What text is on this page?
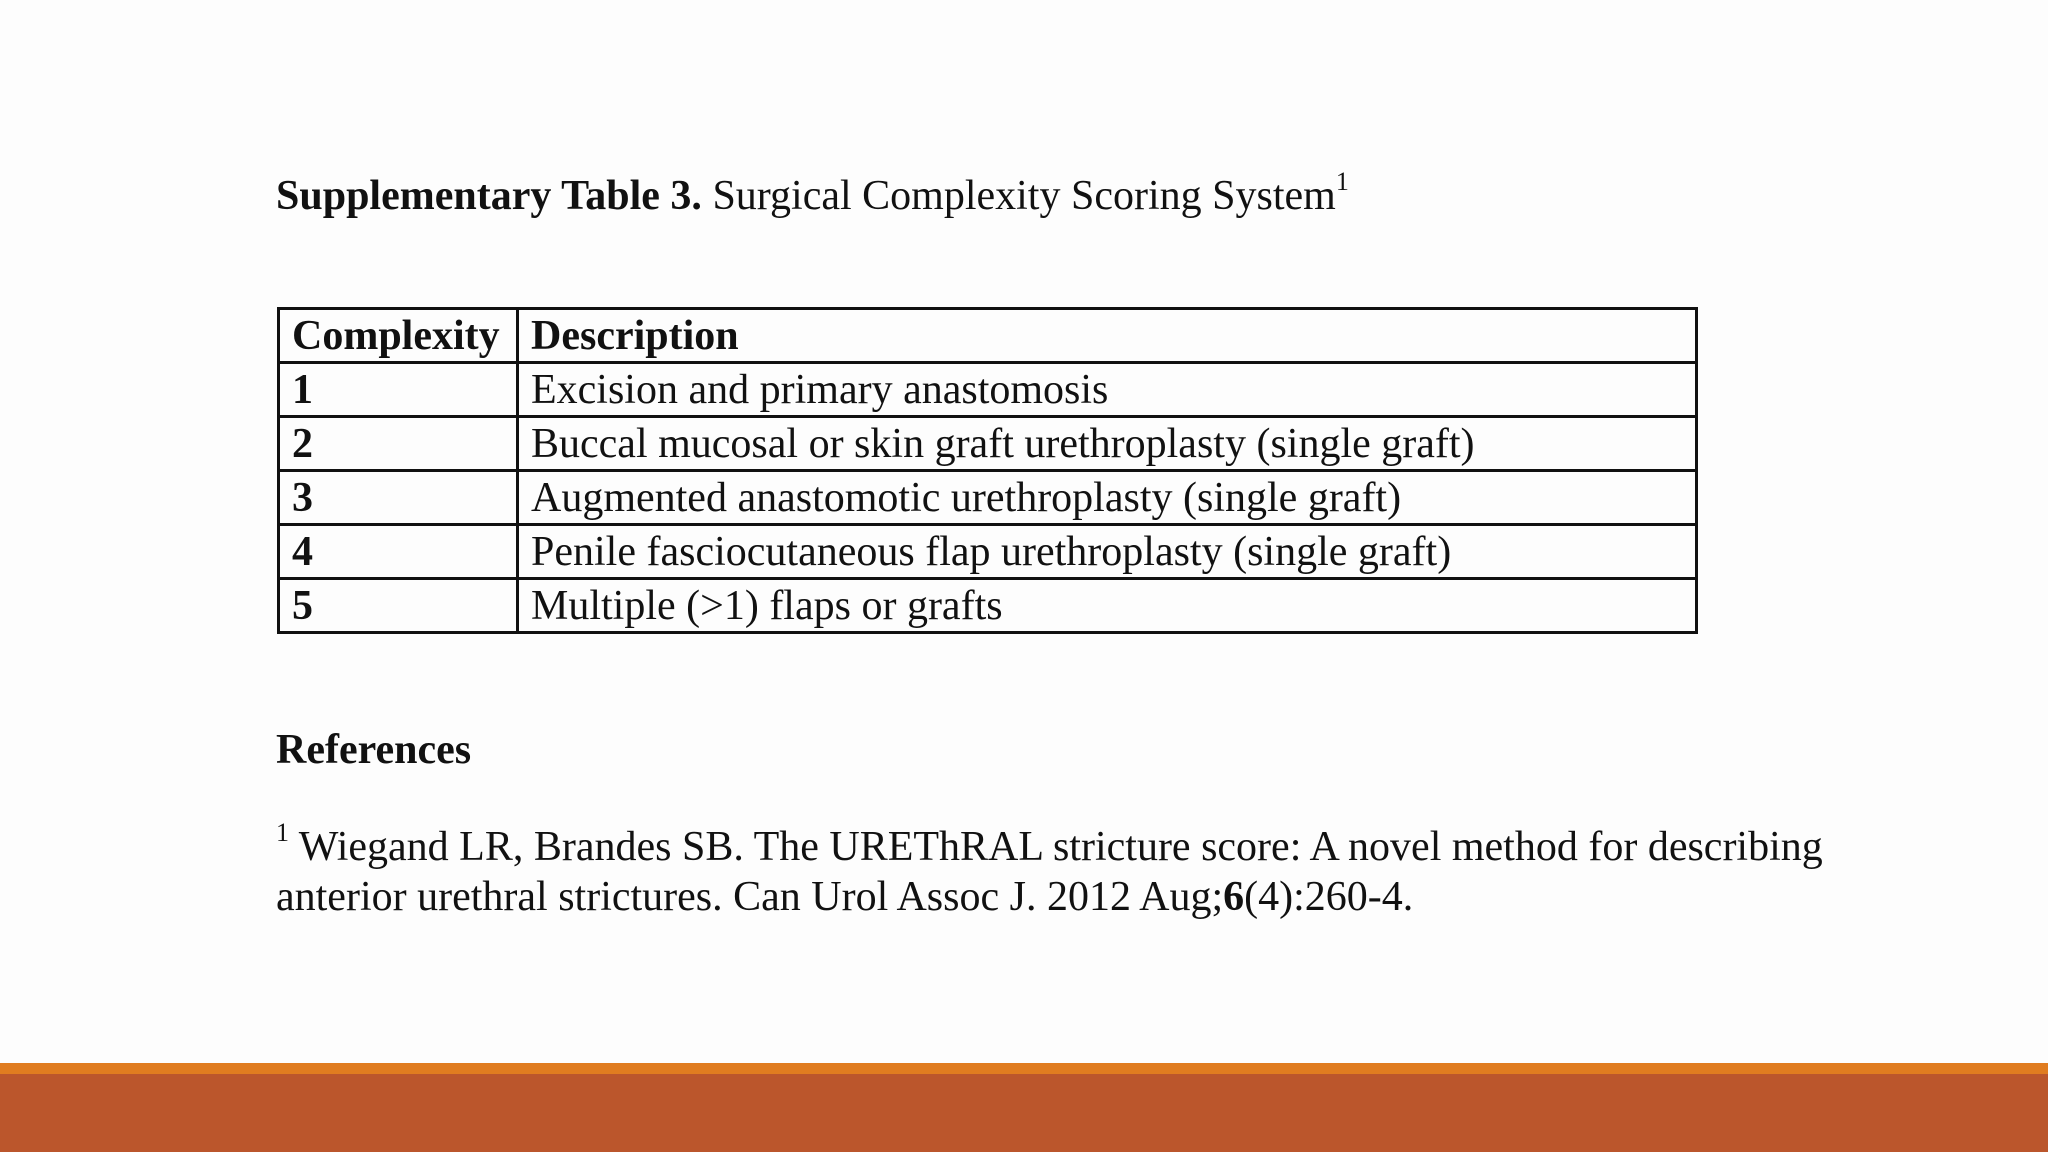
Supplementary Table 3. Surgical Complexity Scoring System$^1$
Complexity	Description
1	Excision and primary anastomosis
2	Buccal mucosal or skin graft urethroplasty (single graft)
3	Augmented anastomotic urethroplasty (single graft)
4	Penile fasciocutaneous flap urethroplasty (single graft)
5	Multiple (>1) flaps or grafts
References
$^1$ Wiegand LR, Brandes SB. The UREThRAL stricture score: A novel method for describing
anterior urethral strictures. Can Urol Assoc J. 2012 Aug;6(4):260-4.
